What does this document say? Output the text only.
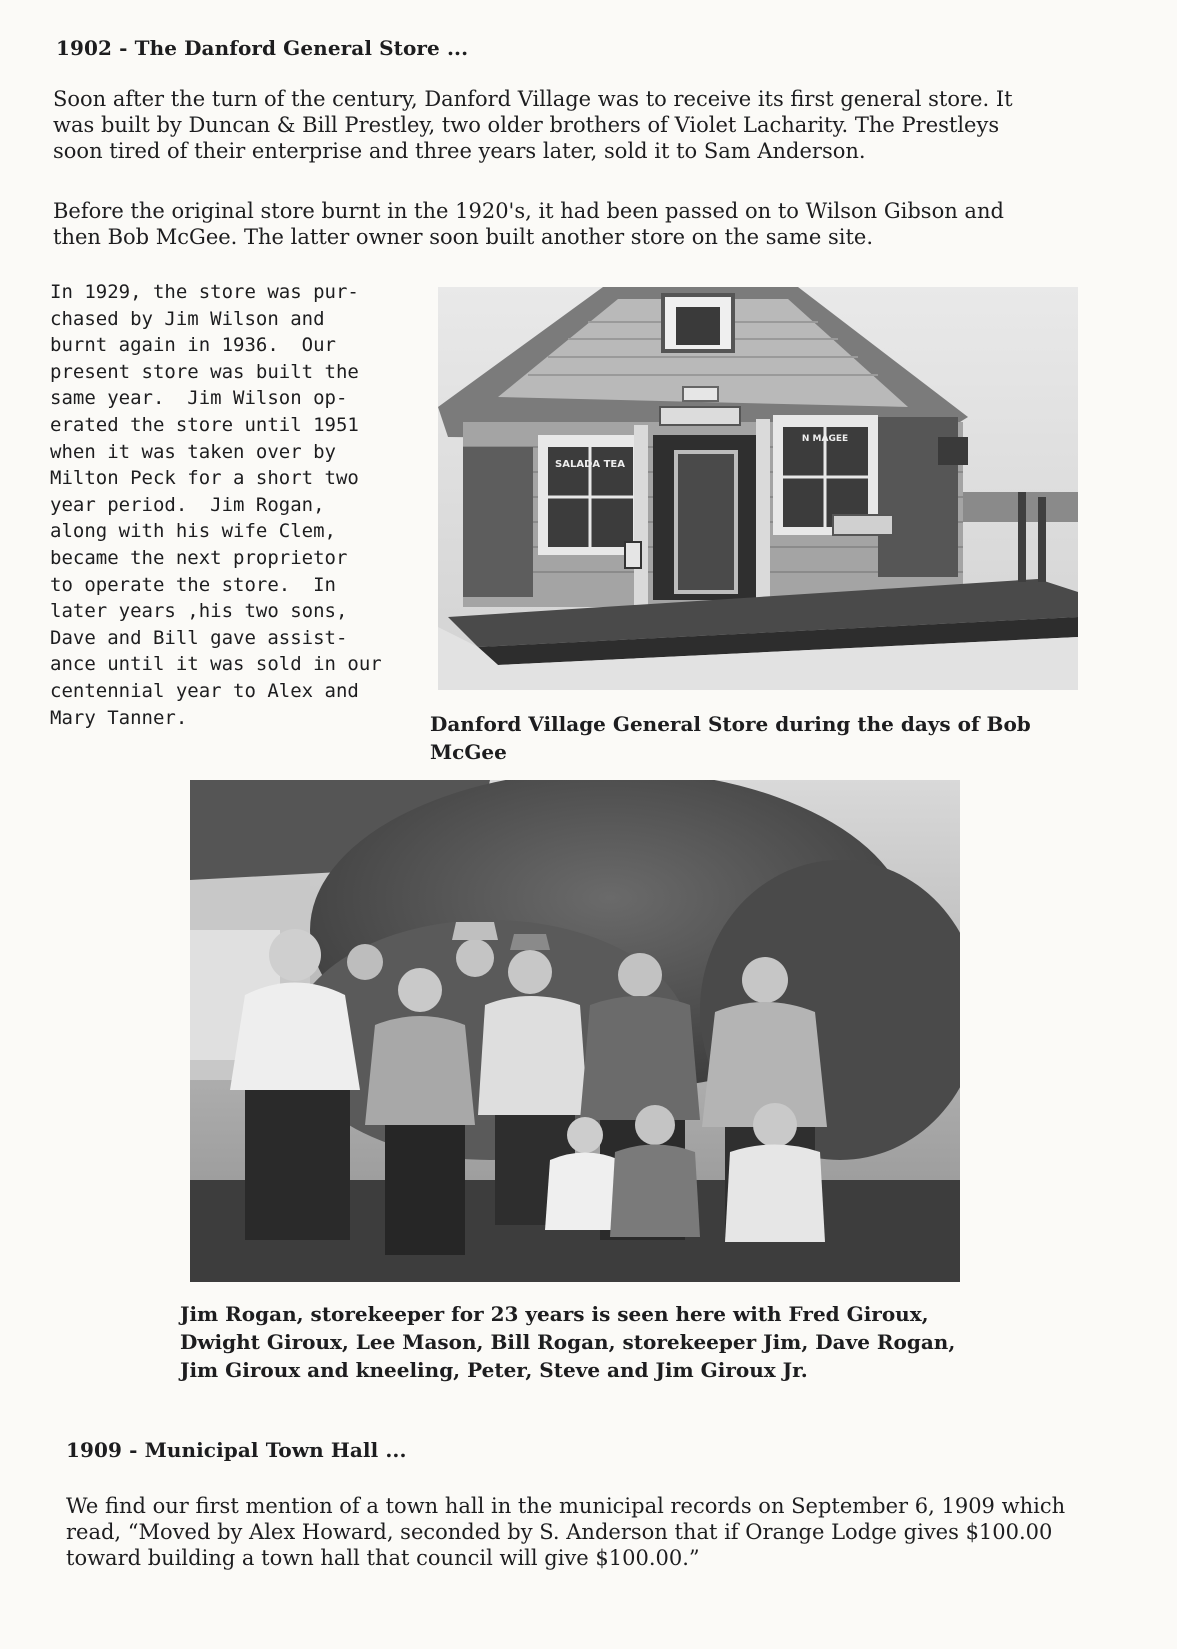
1902 - The Danford General Store ...

Soon after the turn of the century, Danford Village was to receive its first general store. It was built by Duncan & Bill Prestley, two older brothers of Violet Lacharity. The Prestleys soon tired of their enterprise and three years later, sold it to Sam Anderson.

Before the original store burnt in the 1920's, it had been passed on to Wilson Gibson and then Bob McGee. The latter owner soon built another store on the same site.

In 1929, the store was pur-
chased by Jim Wilson and
burnt again in 1936.  Our
present store was built the
same year.  Jim Wilson op-
erated the store until 1951
when it was taken over by
Milton Peck for a short two
year period.  Jim Rogan,
along with his wife Clem,
became the next proprietor
to operate the store.  In
later years ,his two sons,
Dave and Bill gave assist-
ance until it was sold in our
centennial year to Alex and
Mary Tanner.
SALADA TEA
N MAGEE

Danford Village General Store during the days of Bob McGee

Jim Rogan, storekeeper for 23 years is seen here with Fred Giroux, Dwight Giroux, Lee Mason, Bill Rogan, storekeeper Jim, Dave Rogan, Jim Giroux and kneeling, Peter, Steve and Jim Giroux Jr.

1909 - Municipal Town Hall ...

We find our first mention of a town hall in the municipal records on September 6, 1909 which read, “Moved by Alex Howard, seconded by S. Anderson that if Orange Lodge gives $100.00 toward building a town hall that council will give $100.00.”
